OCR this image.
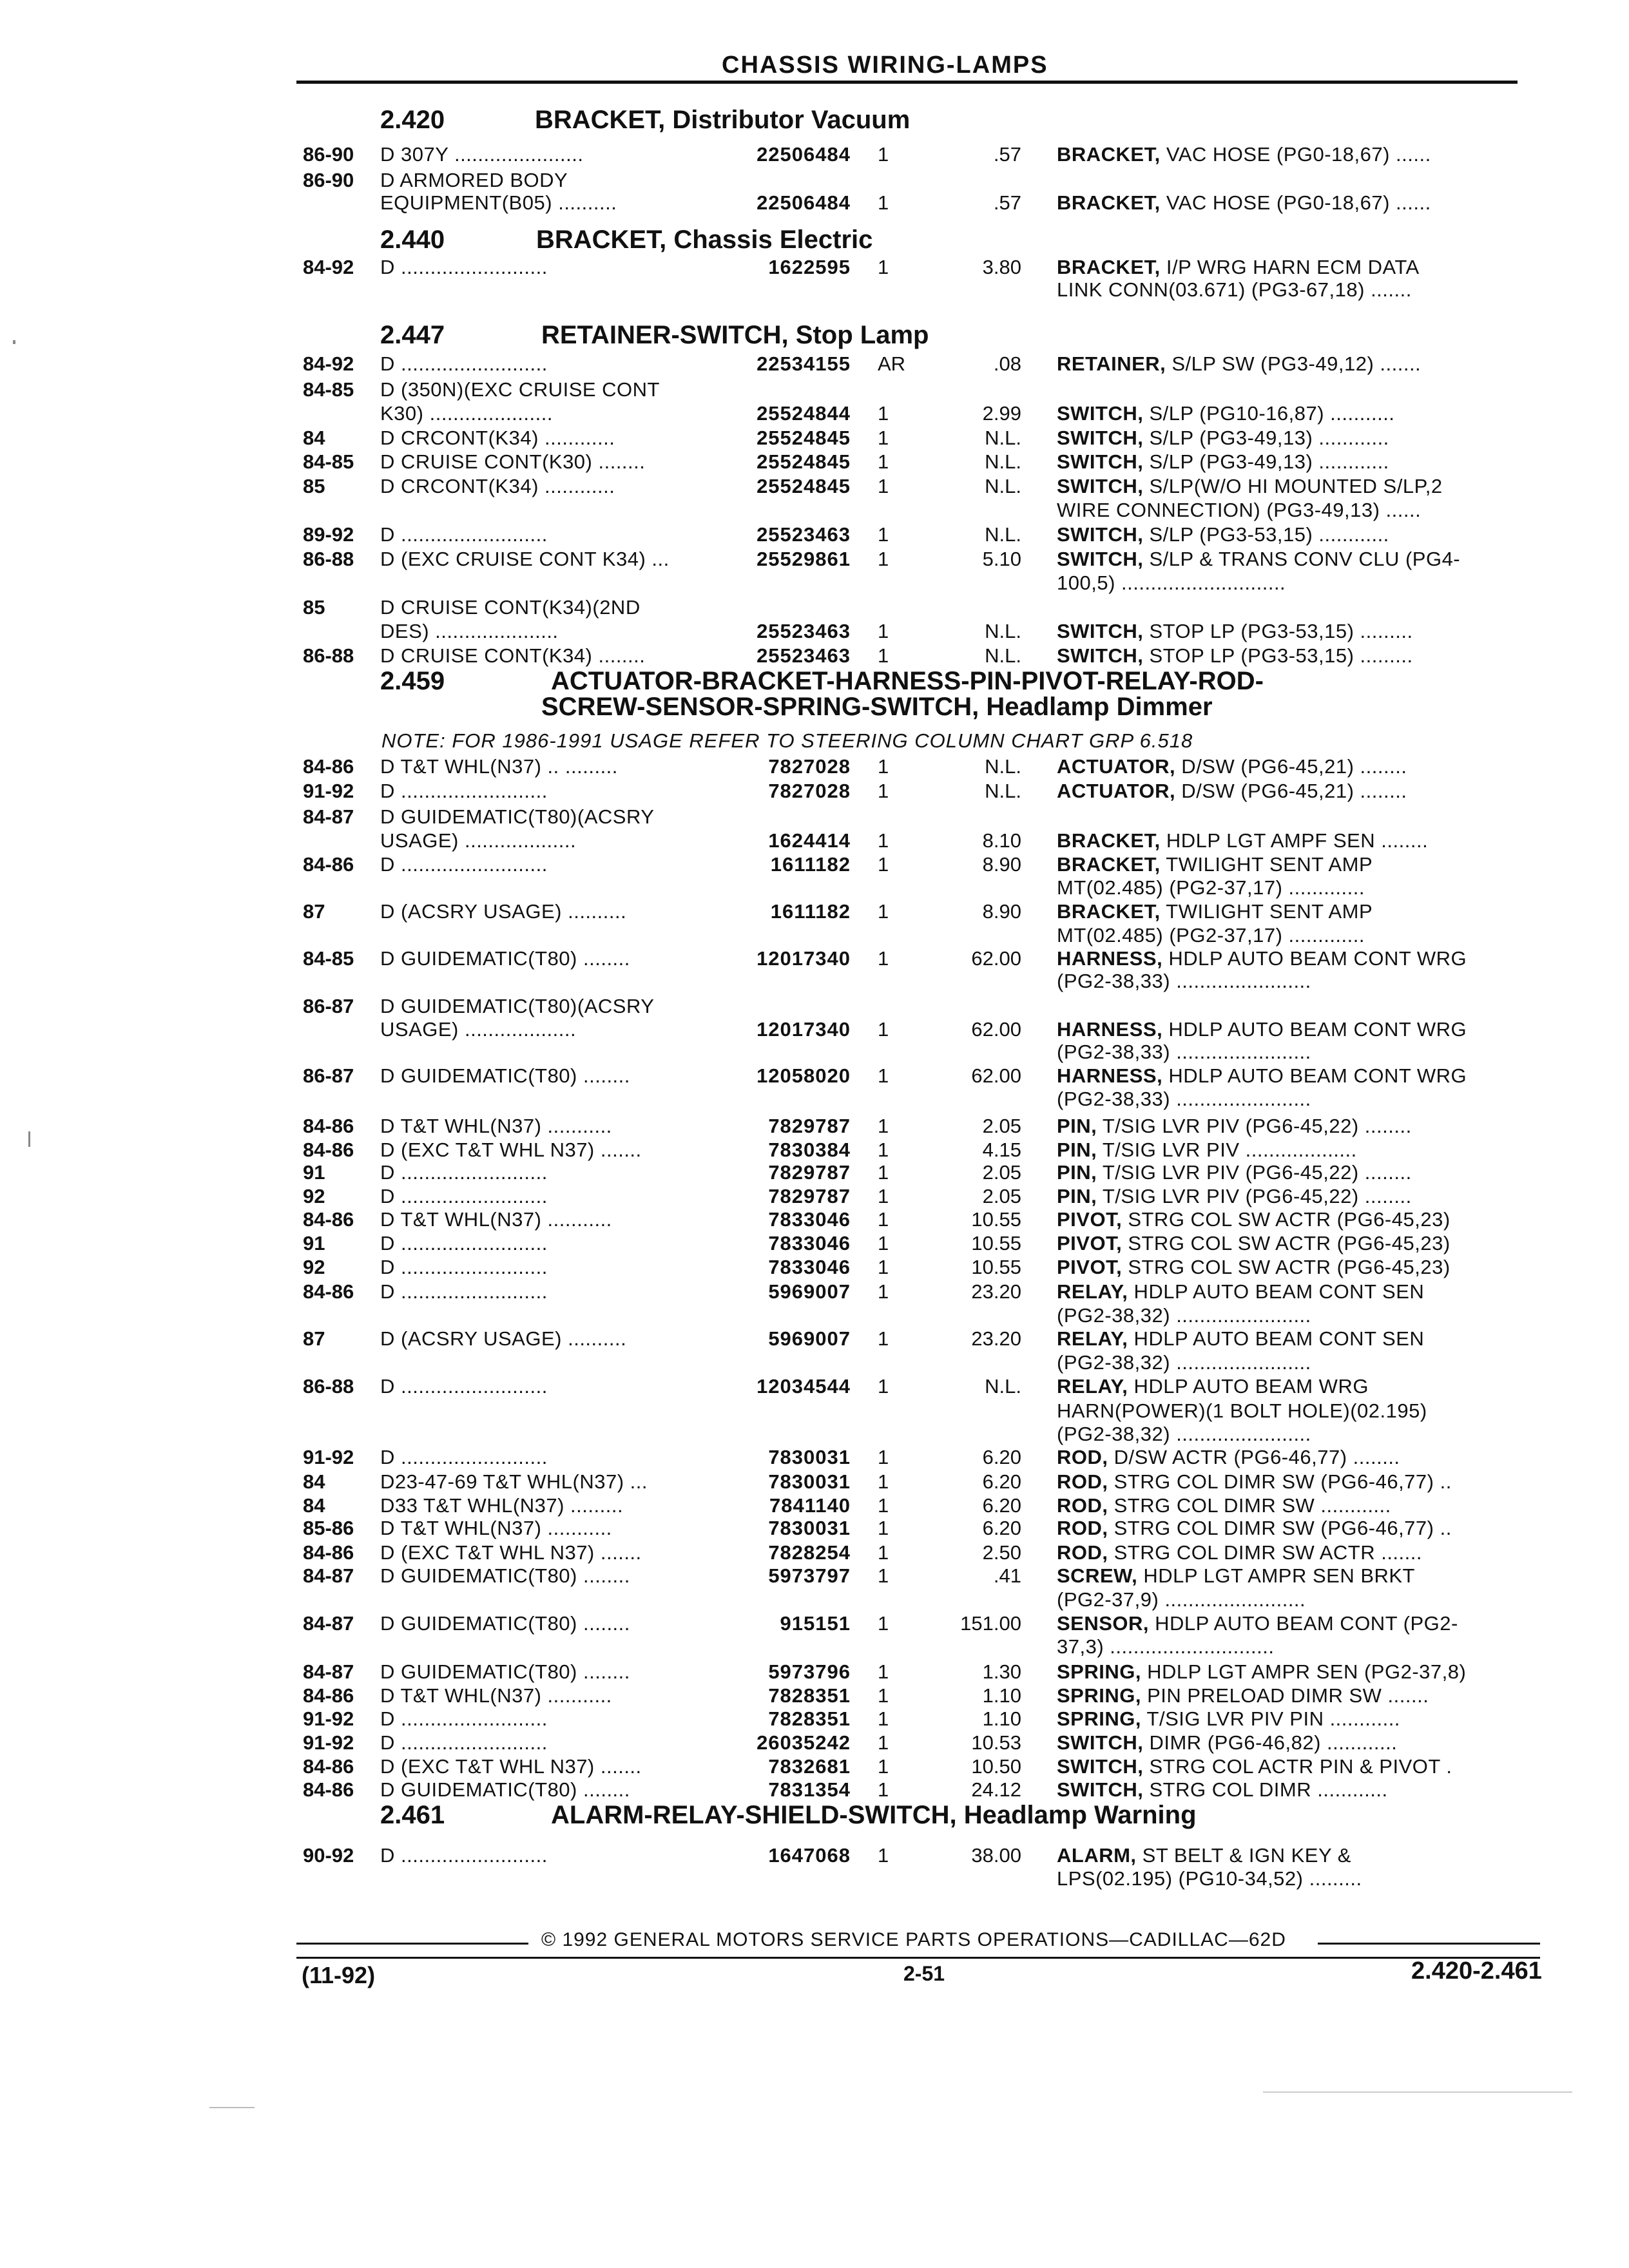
CHASSIS WIRING-LAMPS
2.420	BRACKET, Distributor Vacuum
2.440	BRACKET, Chassis Electric
2.447	RETAINER-SWITCH, Stop Lamp
2.459	ACTUATOR-BRACKET-HARNESS-PIN-PIVOT-RELAY-ROD-
SCREW-SENSOR-SPRING-SWITCH, Headlamp Dimmer
2.461	ALARM-RELAY-SHIELD-SWITCH, Headlamp Warning
NOTE: FOR 1986-1991 USAGE REFER TO STEERING COLUMN CHART GRP 6.518
86-90 D 307Y ......................	22506484 1	.57 BRACKET, VAC HOSE (PG0-18,67) ......
86-90 D ARMORED BODY
EQUIPMENT(B05) ..........	22506484 1	.57 BRACKET, VAC HOSE (PG0-18,67) ......
84-92 D .........................	1622595 1	3.80 BRACKET, I/P WRG HARN ECM DATA
LINK CONN(03.671) (PG3-67,18) .......
84-92 D .........................	22534155 AR	.08 RETAINER, S/LP SW (PG3-49,12) .......
84-85 D (350N)(EXC CRUISE CONT
K30) .....................	25524844 1	2.99 SWITCH, S/LP (PG10-16,87) ...........
84	D CRCONT(K34) ............	25524845 1	N.L. SWITCH, S/LP (PG3-49,13) ............
84-85 D CRUISE CONT(K30) ........	25524845 1	N.L. SWITCH, S/LP (PG3-49,13) ............
85	D CRCONT(K34) ............	25524845 1	N.L. SWITCH, S/LP(W/O HI MOUNTED S/LP,2
WIRE CONNECTION) (PG3-49,13) ......
89-92 D .........................	25523463 1	N.L. SWITCH, S/LP (PG3-53,15) ............
86-88 D (EXC CRUISE CONT K34) ...	25529861 1	5.10 SWITCH, S/LP & TRANS CONV CLU (PG4-
100,5) ............................
85	D CRUISE CONT(K34)(2ND
DES) .....................	25523463 1	N.L. SWITCH, STOP LP (PG3-53,15) .........
86-88 D CRUISE CONT(K34) ........	25523463 1	N.L. SWITCH, STOP LP (PG3-53,15) .........
84-86 D T&T WHL(N37) .. .........	7827028 1	N.L. ACTUATOR, D/SW (PG6-45,21) ........
91-92 D .........................	7827028 1	N.L. ACTUATOR, D/SW (PG6-45,21) ........
84-87 D GUIDEMATIC(T80)(ACSRY
USAGE) ...................	1624414 1	8.10 BRACKET, HDLP LGT AMPF SEN ........
84-86 D .........................	1611182 1	8.90 BRACKET, TWILIGHT SENT AMP
MT(02.485) (PG2-37,17) .............
87	D (ACSRY USAGE) ..........	1611182 1	8.90 BRACKET, TWILIGHT SENT AMP
MT(02.485) (PG2-37,17) .............
84-85 D GUIDEMATIC(T80) ........	12017340 1	62.00 HARNESS, HDLP AUTO BEAM CONT WRG
(PG2-38,33) .......................
86-87 D GUIDEMATIC(T80)(ACSRY
USAGE) ...................	12017340 1	62.00 HARNESS, HDLP AUTO BEAM CONT WRG
(PG2-38,33) .......................
86-87 D GUIDEMATIC(T80) ........	12058020 1	62.00 HARNESS, HDLP AUTO BEAM CONT WRG
(PG2-38,33) .......................
84-86 D T&T WHL(N37) ...........	7829787 1	2.05 PIN, T/SIG LVR PIV (PG6-45,22) ........
84-86 D (EXC T&T WHL N37) .......	7830384 1	4.15 PIN, T/SIG LVR PIV ...................
91	D .........................	7829787 1	2.05 PIN, T/SIG LVR PIV (PG6-45,22) ........
92	D .........................	7829787 1	2.05 PIN, T/SIG LVR PIV (PG6-45,22) ........
84-86 D T&T WHL(N37) ...........	7833046 1	10.55 PIVOT, STRG COL SW ACTR (PG6-45,23)
91	D .........................	7833046 1	10.55 PIVOT, STRG COL SW ACTR (PG6-45,23)
92	D .........................	7833046 1	10.55 PIVOT, STRG COL SW ACTR (PG6-45,23)
84-86 D .........................	5969007 1	23.20 RELAY, HDLP AUTO BEAM CONT SEN
(PG2-38,32) .......................
87	D (ACSRY USAGE) ..........	5969007 1	23.20 RELAY, HDLP AUTO BEAM CONT SEN
(PG2-38,32) .......................
86-88 D .........................	12034544 1	N.L. RELAY, HDLP AUTO BEAM WRG
HARN(POWER)(1 BOLT HOLE)(02.195)
(PG2-38,32) .......................
91-92 D .........................	7830031 1	6.20 ROD, D/SW ACTR (PG6-46,77) ........
84	D23-47-69 T&T WHL(N37) ...	7830031 1	6.20 ROD, STRG COL DIMR SW (PG6-46,77) ..
84	D33 T&T WHL(N37) .........	7841140 1	6.20 ROD, STRG COL DIMR SW ............
85-86 D T&T WHL(N37) ...........	7830031 1	6.20 ROD, STRG COL DIMR SW (PG6-46,77) ..
84-86 D (EXC T&T WHL N37) .......	7828254 1	2.50 ROD, STRG COL DIMR SW ACTR .......
84-87 D GUIDEMATIC(T80) ........	5973797 1	.41 SCREW, HDLP LGT AMPR SEN BRKT
(PG2-37,9) ........................
84-87 D GUIDEMATIC(T80) ........	915151 1	151.00 SENSOR, HDLP AUTO BEAM CONT (PG2-
37,3) ............................
84-87 D GUIDEMATIC(T80) ........	5973796 1	1.30 SPRING, HDLP LGT AMPR SEN (PG2-37,8)
84-86 D T&T WHL(N37) ...........	7828351 1	1.10 SPRING, PIN PRELOAD DIMR SW .......
91-92 D .........................	7828351 1	1.10 SPRING, T/SIG LVR PIV PIN ............
91-92 D .........................	26035242 1	10.53 SWITCH, DIMR (PG6-46,82) ............
84-86 D (EXC T&T WHL N37) .......	7832681 1	10.50 SWITCH, STRG COL ACTR PIN & PIVOT .
84-86 D GUIDEMATIC(T80) ........	7831354 1	24.12 SWITCH, STRG COL DIMR ............
90-92 D .........................	1647068 1	38.00 ALARM, ST BELT & IGN KEY &
LPS(02.195) (PG10-34,52) .........
© 1992 GENERAL MOTORS SERVICE PARTS OPERATIONS—CADILLAC—62D
(11-92)	2-51	2.420-2.461
